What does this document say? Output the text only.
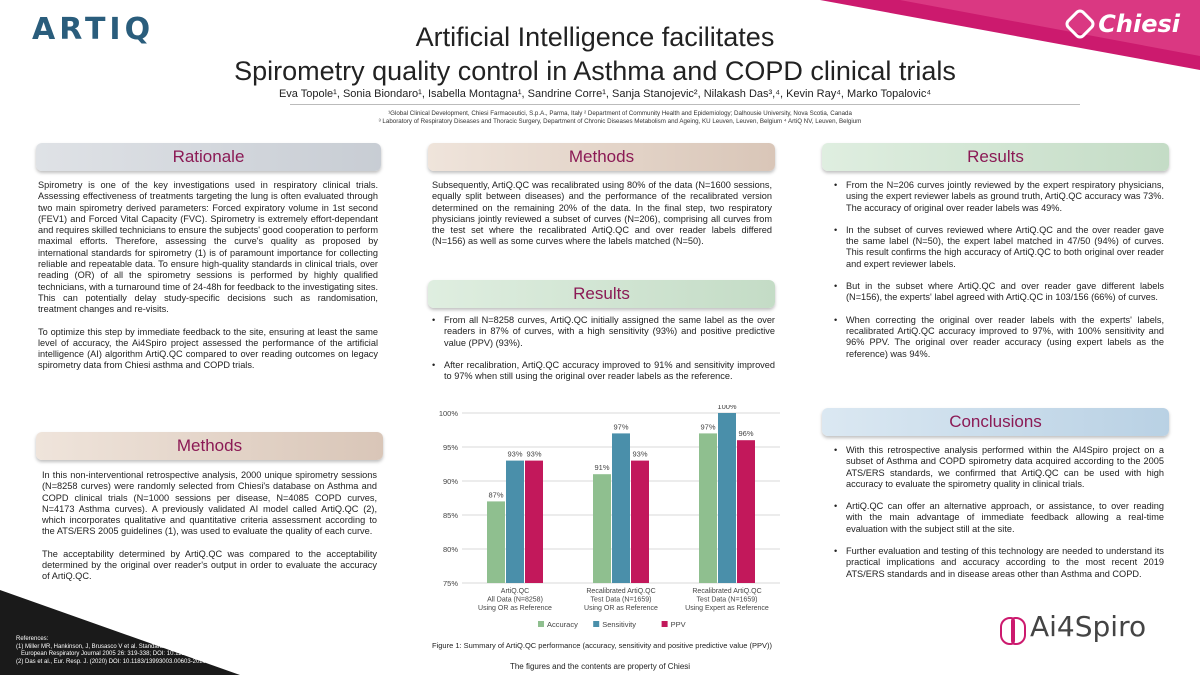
ARTIQ	Chiesi
Artificial Intelligence facilitates
Spirometry quality control in Asthma and COPD clinical trials
Eva Topole¹, Sonia Biondaro¹, Isabella Montagna¹, Sandrine Corre¹, Sanja Stanojevic², Nilakash Das³,⁴, Kevin Ray⁴, Marko Topalovic⁴
¹Global Clinical Development, Chiesi Farmaceutici, S.p.A., Parma, Italy ² Department of Community Health and Epidemiology; Dalhousie University, Nova Scotia, Canada
³ Laboratory of Respiratory Diseases and Thoracic Surgery, Department of Chronic Diseases Metabolism and Ageing, KU Leuven, Leuven, Belgium ⁴ ArtiQ NV, Leuven, Belgium
Rationale

Spirometry is one of the key investigations used in respiratory clinical trials. Assessing effectiveness of treatments targeting the lung is often evaluated through two main spirometry derived parameters: Forced expiratory volume in 1st second (FEV1) and Forced Vital Capacity (FVC). Spirometry is extremely effort-dependant and requires skilled technicians to ensure the subjects' good cooperation to perform maximal efforts. Therefore, assessing the curve's quality as proposed by international standards for spirometry (1) is of paramount importance for collecting reliable and repeatable data. To ensure high-quality standards in clinical trials, over reading (OR) of all the spirometry sessions is performed by highly qualified technicians, with a turnaround time of 24-48h for feedback to the investigating sites. This can potentially delay study-specific decisions such as randomisation, treatment changes and re-visits.

To optimize this step by immediate feedback to the site, ensuring at least the same level of accuracy, the Ai4Spiro project assessed the performance of the artificial intelligence (AI) algorithm ArtiQ.QC compared to over reading outcomes on legacy spirometry data from Chiesi asthma and COPD trials.

Methods

In this non-interventional retrospective analysis, 2000 unique spirometry sessions (N=8258 curves) were randomly selected from Chiesi's database on Asthma and COPD clinical trials (N=1000 sessions per disease, N=4085 COPD curves, N=4173 Asthma curves). A previously validated AI model called ArtiQ.QC (2), which incorporates qualitative and quantitative criteria assessment according to the ATS/ERS 2005 guidelines (1), was used to evaluate the quality of each curve.

The acceptability determined by ArtiQ.QC was compared to the acceptability determined by the original over reader's output in order to evaluate the accuracy of ArtiQ.QC.

Methods

Subsequently, ArtiQ.QC was recalibrated using 80% of the data (N=1600 sessions, equally split between diseases) and the performance of the recalibrated version determined on the remaining 20% of the data. In the final step, two respiratory physicians jointly reviewed a subset of curves (N=206), comprising all curves from the test set where the recalibrated ArtiQ.QC and over reader labels differed (N=156) as well as some curves where the labels matched (N=50).

Results
• From all N=8258 curves, ArtiQ.QC initially assigned the same label as the over readers in 87% of curves, with a high sensitivity (93%) and positive predictive value (PPV) (93%).
• After recalibration, ArtiQ.QC accuracy improved to 91% and sensitivity improved to 97% when still using the original over reader labels as the reference.
75%
80%
85%
90%
95%
100%
87%
93% 93%
ArtiQ.QC
All Data (N=8258)
Using OR as Reference
91%
97%
93%
Recalibrated ArtiQ.QC
Test Data (N=1659)
Using OR as Reference
97%
100%
96%
Recalibrated ArtiQ.QC
Test Data (N=1659)
Using Expert as Reference
Accuracy	Sensitivity	PPV
Figure 1: Summary of ArtiQ.QC performance (accuracy, sensitivity and positive predictive value (PPV))
Results
• From the N=206 curves jointly reviewed by the expert respiratory physicians, using the expert reviewer labels as ground truth, ArtiQ.QC accuracy was 73%. The accuracy of original over reader labels was 49%.
• In the subset of curves reviewed where ArtiQ.QC and the over reader gave the same label (N=50), the expert label matched in 47/50 (94%) of curves. This result confirms the high accuracy of ArtiQ.QC to both original over reader and expert reviewer labels.
• But in the subset where ArtiQ.QC and over reader gave different labels (N=156), the experts' label agreed with ArtiQ.QC in 103/156 (66%) of curves.
• When correcting the original over reader labels with the experts' labels, recalibrated ArtiQ.QC accuracy improved to 97%, with 100% sensitivity and 96% PPV. The original over reader accuracy (using expert labels as the reference) was 94%.
Conclusions
• With this retrospective analysis performed within the AI4Spiro project on a subset of Asthma and COPD spirometry data acquired according to the 2005 ATS/ERS standards, we confirmed that ArtiQ.QC can be used with high accuracy to evaluate the spirometry quality in clinical trials.
• ArtiQ.QC can offer an alternative approach, or assistance, to over reading with the main advantage of immediate feedback allowing a real-time evaluation with the subject still at the site.
• Further evaluation and testing of this technology are needed to understand its practical implications and accuracy according to the most recent 2019 ATS/ERS standards and in disease areas other than Asthma and COPD.
References:
(1) Miller MR, Hankinson, J, Brusasco V et al. Standardisation of Spirometry.
European Respiratory Journal 2005 26: 319-338; DOI: 10.1183/09031936.05.00034805
(2) Das et al., Eur. Resp. J. (2020) DOI: 10.1183/13993003.00603-2020
The figures and the contents are property of Chiesi
Ai4Spiro
